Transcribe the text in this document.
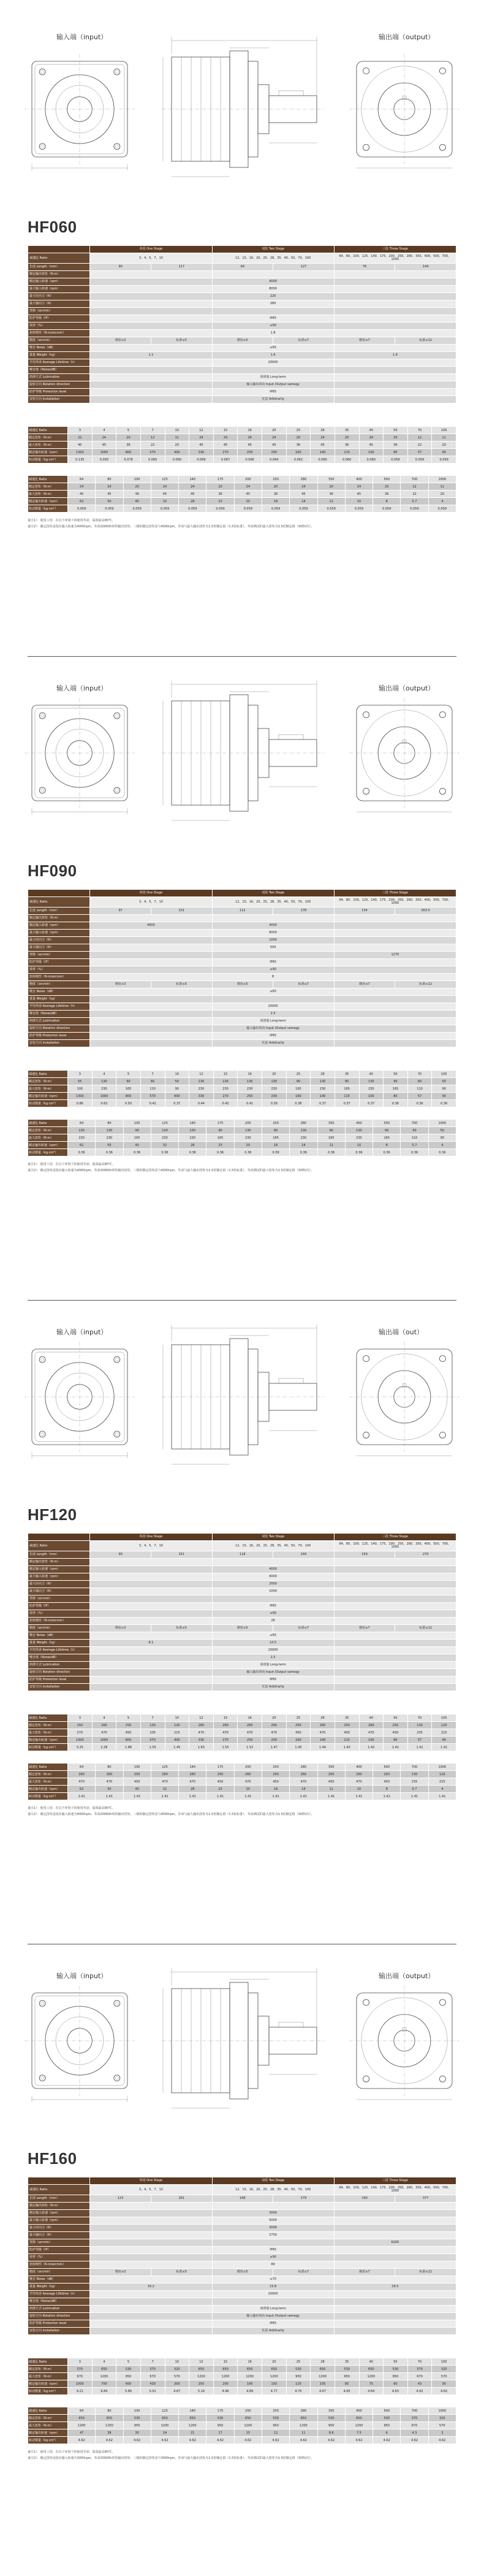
输入端（input）	输出端（output）
HF060
	单段 One Stage		双段 Two Stage		三段 Three Stage	
减速比 Ratio	3、4、5、7、10		12、15、16、20、25、28、35、40、50、70、100		64、80、100、125、140、175、200、250、280、350、400、500、700、1000	
长度 Length（mm）	90	117	94	127	76	144
额定输出扭矩（N·m）						
额定输入转速（rpm）			4000			
最大输入转速（rpm）			8000			
最大径向力（N）			220			
最大轴向力（N）			280			
背隙（arcmin）						
防护等级（IP）			IP65			
效率（%）			≥90			
扭转刚性（N·m/arcmin）			1.8			
精度（arcmin）	精密≤3	标准≤5	精密≤5	标准≤7	精密≤7	标准≤12
噪音 Noise（dB）			≤65			
重量 Weight（kg）	1.1		1.6		1.9	
平均寿命 Average Lifetime（h）			20000			
噪音值（Noise/dB）						
润滑方式 Lubrication			润滑脂 Long-term			
旋转方向 Rotation direction			输入输出同向 Input /Output samegy			
防护等级 Protection level			IP65			
安装方向 Installation			任意 Arbitrarily			
减速比 Ratio	3	4	5	7	10	12	15	16	20	25	28	35	40	50	70	100
额定扭矩（N·m）	22	24	20	12	11	24	24	24	24	20	24	20	24	20	12	11
最大扭矩（N·m）	40	45	36	22	20	45	45	45	45	36	45	36	45	36	22	20
额定输出转速（rpm）	1300	1000	800	570	400	330	270	250	200	160	140	115	100	80	57	40
转动惯量（kg·cm²）	0.135	0.093	0.078	0.065	0.060	0.069	0.067	0.066	0.064	0.062	0.060	0.060	0.060	0.059	0.059	0.059
减速比 Ratio	64	80	100	125	140	175	200	250	280	350	400	500	700	1000
额定扭矩（N·m）	24	24	20	24	24	20	24	20	24	20	24	20	12	11
最大扭矩（N·m）	45	45	36	45	45	36	45	36	45	36	45	36	22	20
额定输出转速（rpm）	62	50	40	32	28	23	20	16	14	11	10	8	5.7	4
转动惯量（kg·cm²）	0.059	0.059	0.059	0.059	0.059	0.059	0.059	0.059	0.059	0.059	0.059	0.059	0.059	0.059
备注1）：使用工况：在以下环境下的使用寿命，温度最高80℃。
备注2）：额定扭矩是指在输入转速为4000rpm，寿命20000h时的输出扭矩。三级的额定扭矩是与4000rpm，寿命与最大输出扭矩为1.5倍额定值（1.5倍标准），寿命测试的最大扭矩为1.5倍额定值（30秒/次）。
输入端（input）	输出端（output）
HF090
	单段 One Stage		双段 Two Stage		三段 Three Stage	
减速比 Ratio	3、4、5、7、10		12、15、16、20、25、28、35、40、50、70、100		64、80、100、125、140、175、200、250、280、350、400、500、700、1000	
长度 Length（mm）	97	131	112	178	134	263.5
额定输出扭矩（N·m）						
额定输入转速（rpm）	4000		4000			
最大输入转速（rpm）			6000			
最大径向力（N）			1000			
最大轴向力（N）			500			
背隙（arcmin）					1270	
防护等级（IP）			IP65			
效率（%）			≥90			
扭转刚性（N·m/arcmin）			8			
精度（arcmin）	精密≤3	标准≤5	精密≤5	标准≤7	精密≤7	标准≤12
噪音 Noise（dB）			≤65			
重量 Weight（kg）						
平均寿命 Average Lifetime（h）			20000			
噪音值（Noise/dB）			2.5			
润滑方式 Lubrication			润滑脂 Long-term			
旋转方向 Rotation direction			输入输出同向 Input /Output samegy			
防护等级 Protection level			IP65			
安装方向 Installation			任意 Arbitrarily			
减速比 Ratio	3	4	5	7	10	12	15	16	20	25	28	35	40	50	70	100
额定扭矩（N·m）	55	130	90	60	50	130	130	130	130	90	130	90	130	90	60	50
最大扭矩（N·m）	100	230	165	110	90	230	230	230	230	165	230	165	230	165	110	90
额定输出转速（rpm）	1300	1000	800	570	400	330	270	250	200	160	140	115	100	80	57	40
转动惯量（kg·cm²）	0.86	0.62	0.50	0.42	0.37	0.44	0.42	0.41	0.39	0.38	0.37	0.37	0.37	0.36	0.36	0.36
减速比 Ratio	64	80	100	125	140	175	200	250	280	350	400	500	700	1000
额定扭矩（N·m）	130	130	90	130	130	90	130	90	130	90	130	90	60	50
最大扭矩（N·m）	230	230	165	230	230	165	230	165	230	165	230	165	110	90
额定输出转速（rpm）	62	50	40	32	28	23	20	16	14	11	10	8	5.7	4
转动惯量（kg·cm²）	0.36	0.36	0.36	0.36	0.36	0.36	0.36	0.36	0.36	0.36	0.36	0.36	0.36	0.36
备注1）：使用工况：在以下环境下的使用寿命，温度最高80℃。
备注2）：额定扭矩是指在输入转速为4000rpm，寿命20000h时的输出扭矩。三级的额定扭矩是与4000rpm，寿命与最大输出扭矩为1.5倍额定值（1.5倍标准），寿命测试的最大扭矩为1.5倍额定值（30秒/次）。
输入端（input）	输出端（out）
HF120
	单段 One Stage		双段 Two Stage		三段 Three Stage	
减速比 Ratio	3、4、5、7、10		12、15、16、20、25、28、35、40、50、70、100		64、80、100、125、140、175、200、250、280、350、400、500、700、1000	
长度 Length（mm）	90	151	118	244	159	270
额定输出扭矩（N·m）						
额定输入转速（rpm）			4000			
最大输入转速（rpm）			6000			
最大径向力（N）			2000			
最大轴向力（N）			1000			
背隙（arcmin）						
防护等级（IP）			IP65			
效率（%）			≥90			
扭转刚性（N·m/arcmin）			26			
精度（arcmin）	精密≤3	标准≤5	精密≤5	标准≤7	精密≤7	标准≤12
噪音 Noise（dB）			≤65			
重量 Weight（kg）	8.1		10.5			
平均寿命 Average Lifetime（h）			20000			
噪音值（Noise/dB）			2.5			
润滑方式 Lubrication			润滑脂 Long-term			
旋转方向 Rotation direction			输入输出同向 Input /Output samegy			
防护等级 Protection level			IP65			
安装方向 Installation			任意 Arbitrarily			
减速比 Ratio	3	4	5	7	10	12	15	16	20	25	28	35	40	50	70	100
额定扭矩（N·m）	150	260	250	130	120	260	260	260	260	250	260	250	260	250	130	120
最大扭矩（N·m）	270	470	450	235	215	470	470	470	470	450	470	450	470	450	235	215
额定输出转速（rpm）	1300	1000	800	570	400	330	270	250	200	160	140	115	100	80	57	40
转动惯量（kg·cm²）	3.25	2.28	1.88	1.55	1.45	1.63	1.55	1.52	1.47	1.45	1.44	1.43	1.42	1.42	1.41	1.41
减速比 Ratio	64	80	100	125	140	175	200	250	280	350	400	500	700	1000
额定扭矩（N·m）	260	260	250	260	260	250	260	250	260	250	260	250	130	120
最大扭矩（N·m）	470	470	450	470	470	450	470	450	470	450	470	450	235	215
额定输出转速（rpm）	62	50	40	32	28	23	20	16	14	11	10	8	5.7	4
转动惯量（kg·cm²）	1.41	1.41	1.41	1.41	1.41	1.41	1.41	1.41	1.41	1.41	1.41	1.41	1.41	1.41
备注1）：使用工况：在以下环境下的使用寿命，温度最高80℃。
备注2）：额定扭矩是指在输入转速为4000rpm，寿命20000h时的输出扭矩。三级的额定扭矩是与4000rpm，寿命与最大输出扭矩为1.5倍额定值（1.5倍标准），寿命测试的最大扭矩为1.5倍额定值（30秒/次）。
输入端（input）	输出端（output）
HF160
	单段 One Stage		双段 Two Stage		三段 Three Stage	
减速比 Ratio	3、4、5、7、10		12、15、16、20、25、28、35、40、50、70、100		64、80、100、125、140、175、200、250、280、350、400、500、700、1000	
长度 Length（mm）	123	261	168	279	190	377
额定输出扭矩（N·m）						
额定输入转速（rpm）			3000			
最大输入转速（rpm）			5000			
最大径向力（N）			3000			
最大轴向力（N）			2750			
背隙（arcmin）					6200	
防护等级（IP）			IP65			
效率（%）			≥90			
扭转刚性（N·m/arcmin）			80			
精度（arcmin）	精密≤3	标准≤5	精密≤5	标准≤7	精密≤7	标准≤12
噪音 Noise（dB）			≤70			
重量 Weight（kg）	16.2		23.8		29.5	
平均寿命 Average Lifetime（h）			20000			
噪音值（Noise/dB）						
润滑方式 Lubrication			润滑脂 Long-term			
旋转方向 Rotation direction			输入输出同向 Input /Output samegy			
防护等级 Protection level			IP65			
安装方向 Installation			任意 Arbitrarily			
减速比 Ratio	3	4	5	7	10	12	15	16	20	25	28	35	40	50	70	100
额定扭矩（N·m）	370	650	530	370	320	650	650	650	650	530	650	530	650	530	370	320
最大扭矩（N·m）	670	1200	950	670	570	1200	1200	1200	1200	950	1200	950	1200	950	670	570
额定输出转速（rpm）	1000	750	600	430	300	250	200	190	150	120	105	85	75	60	43	30
转动惯量（kg·cm²）	9.21	6.84	5.80	5.01	4.67	5.19	4.96	4.89	4.77	4.70	4.67	4.65	4.64	4.63	4.62	4.62
减速比 Ratio	64	80	100	125	140	175	200	250	280	350	400	500	700	1000
额定扭矩（N·m）	650	650	530	650	650	530	650	530	650	530	650	530	370	320
最大扭矩（N·m）	1200	1200	950	1200	1200	950	1200	950	1200	950	1200	950	670	570
额定输出转速（rpm）	47	38	30	24	21	17	15	12	11	8.6	7.5	6	4.3	3
转动惯量（kg·cm²）	4.62	4.62	4.62	4.62	4.62	4.62	4.62	4.62	4.62	4.62	4.62	4.62	4.62	4.62
备注1）：使用工况：在以下环境下的使用寿命，温度最高80℃。
备注2）：额定扭矩是指在输入转速为3000rpm，寿命20000h时的输出扭矩。三级的额定扭矩是与3000rpm，寿命与最大输出扭矩为1.5倍额定值（1.5倍标准），寿命测试的最大扭矩为1.5倍额定值（30秒/次）。
